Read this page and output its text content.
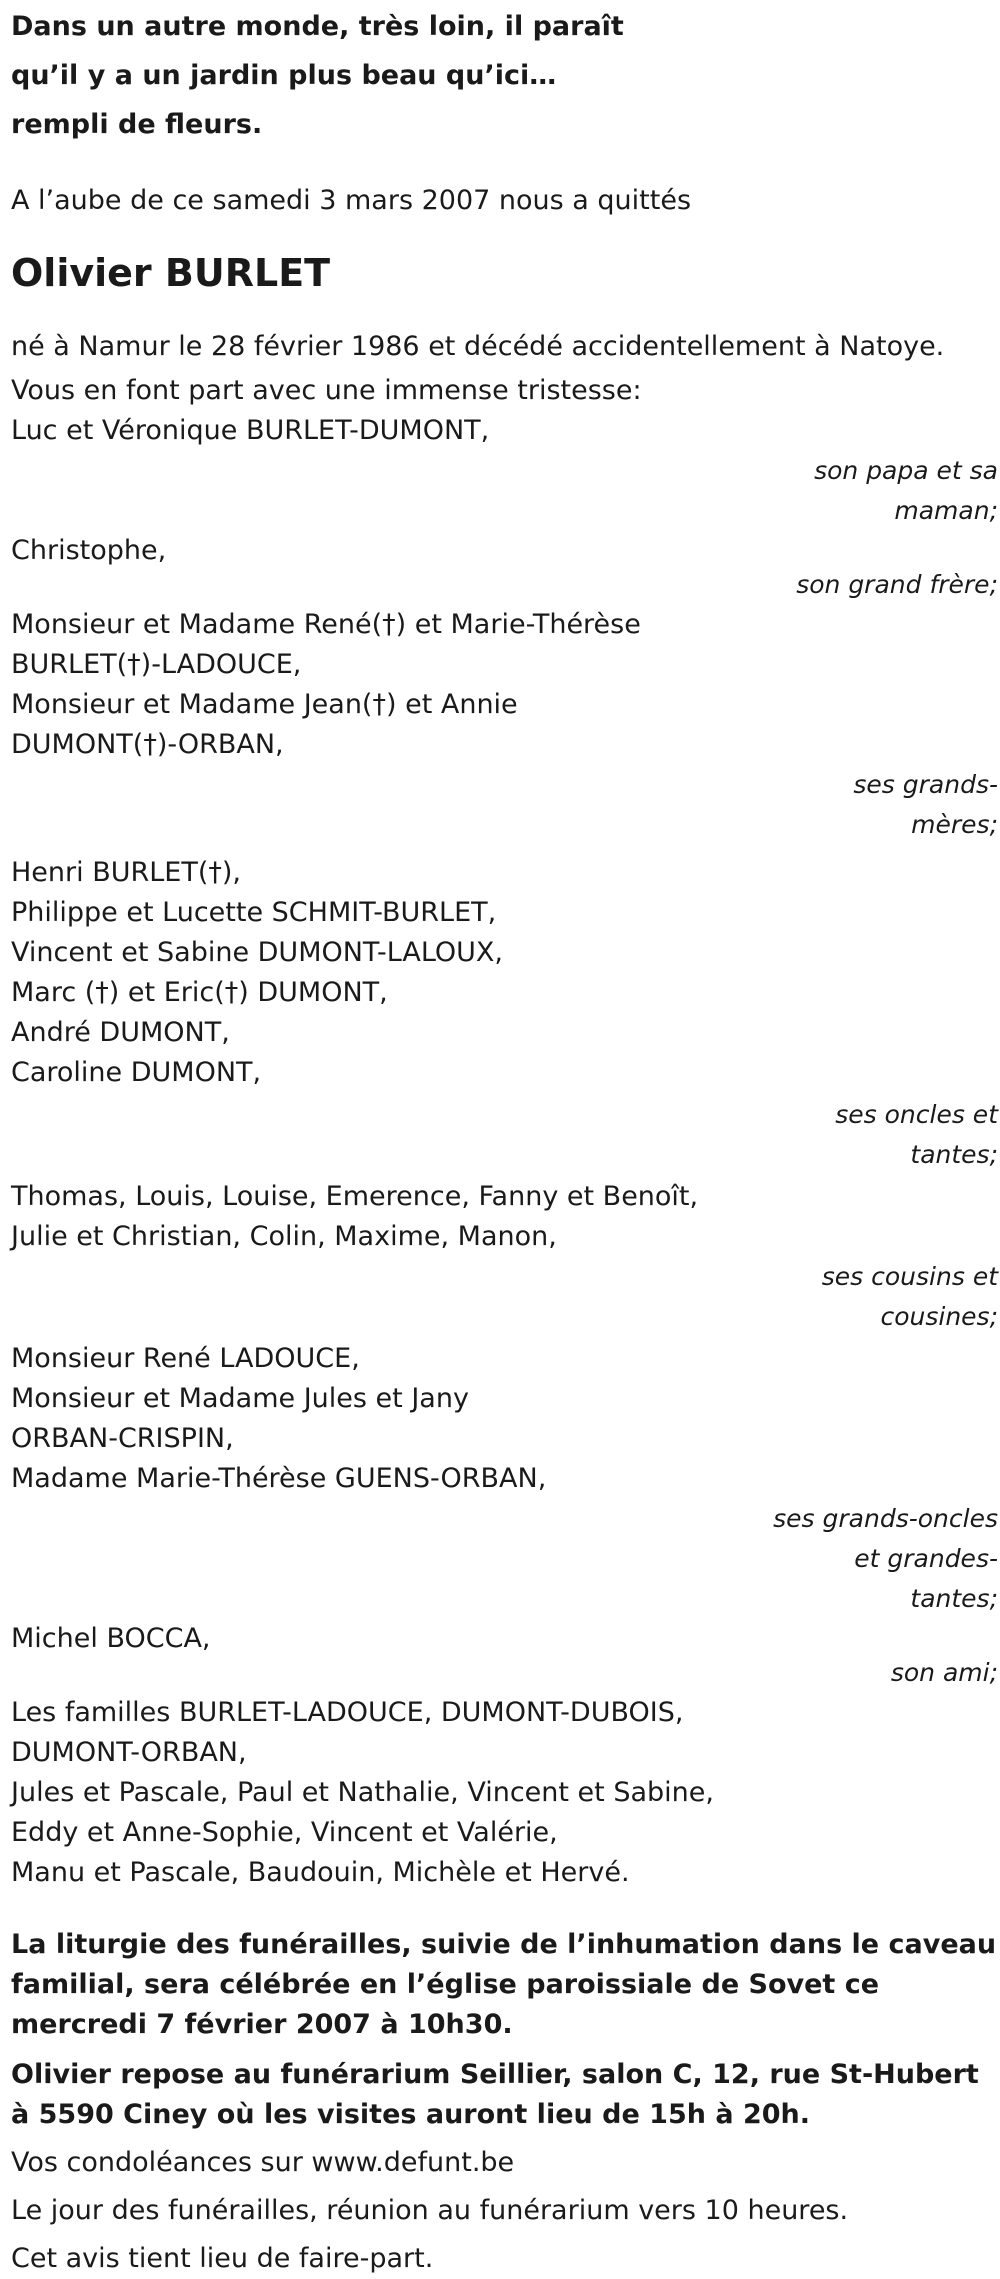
Dans un autre monde, très loin, il paraît
qu’il y a un jardin plus beau qu’ici…
rempli de fleurs.
A l’aube de ce samedi 3 mars 2007 nous a quittés
Olivier BURLET
né à Namur le 28 février 1986 et décédé accidentellement à Natoye.
Vous en font part avec une immense tristesse:
Luc et Véronique BURLET-DUMONT,
son papa et sa maman;
Christophe,
son grand frère;
Monsieur et Madame René(†) et Marie-Thérèse
BURLET(†)-LADOUCE,
Monsieur et Madame Jean(†) et Annie
DUMONT(†)-ORBAN,
ses grands-mères;
Henri BURLET(†),
Philippe et Lucette SCHMIT-BURLET,
Vincent et Sabine DUMONT-LALOUX,
Marc (†) et Eric(†) DUMONT,
André DUMONT,
Caroline DUMONT,
ses oncles et tantes;
Thomas, Louis, Louise, Emerence, Fanny et Benoît,
Julie et Christian, Colin, Maxime, Manon,
ses cousins et cousines;
Monsieur René LADOUCE,
Monsieur et Madame Jules et Jany
ORBAN-CRISPIN,
Madame Marie-Thérèse GUENS-ORBAN,
ses grands-oncles et grandes-tantes;
Michel BOCCA,
son ami;
Les familles BURLET-LADOUCE, DUMONT-DUBOIS,
DUMONT-ORBAN,
Jules et Pascale, Paul et Nathalie, Vincent et Sabine,
Eddy et Anne-Sophie, Vincent et Valérie,
Manu et Pascale, Baudouin, Michèle et Hervé.
La liturgie des funérailles, suivie de l’inhumation dans le caveau familial, sera célébrée en l’église paroissiale de Sovet ce mercredi 7 février 2007 à 10h30.
Olivier repose au funérarium Seillier, salon C, 12, rue St-Hubert à 5590 Ciney où les visites auront lieu de 15h à 20h.
Vos condoléances sur www.defunt.be
Le jour des funérailles, réunion au funérarium vers 10 heures.
Cet avis tient lieu de faire-part.
